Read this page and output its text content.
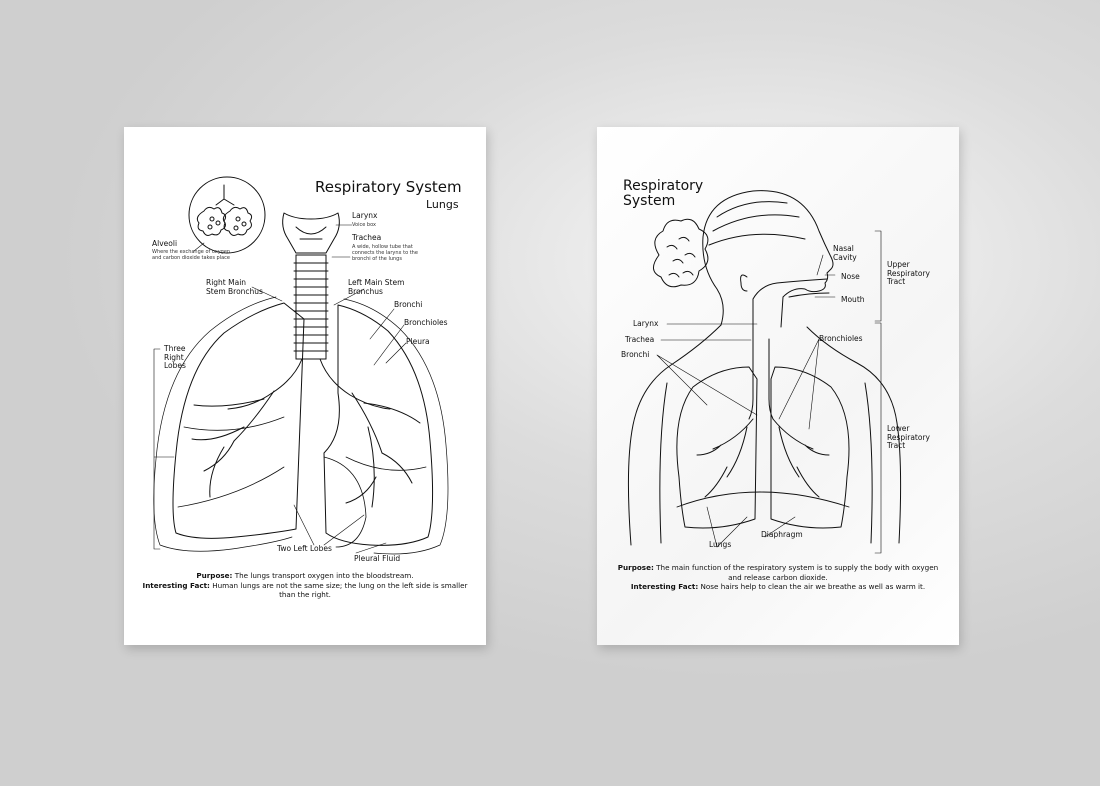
Respiratory System
Lungs
Alveoli
Where the exchange of oxygen and carbon dioxide takes place
Larynx
Voice box
Trachea
A wide, hollow tube that connects the larynx to the bronchi of the lungs
Right Main Stem Bronchus
Left Main Stem Bronchus
Bronchi
Bronchioles
Pleura
Three Right Lobes
Two Left Lobes
Pleural Fluid
Purpose: The lungs transport oxygen into the bloodstream.
Interesting Fact: Human lungs are not the same size; the lung on the left side is smaller than the right.
Respiratory
System
Nasal Cavity
Nose
Mouth
Upper Respiratory Tract
Larynx
Trachea
Bronchi
Bronchioles
Lower Respiratory Tract
Lungs
Diaphragm
Purpose: The main function of the respiratory system is to supply the body with oxygen and release carbon dioxide.
Interesting Fact: Nose hairs help to clean the air we breathe as well as warm it.
